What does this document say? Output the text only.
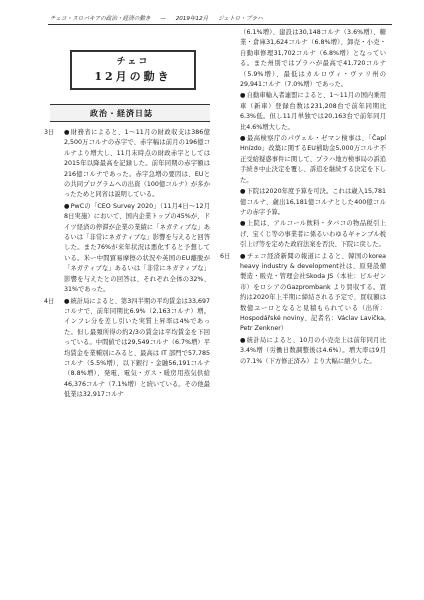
チェコ・スロバキアの政治・経済の動き — 2019年12月 ジェトロ・プラハ
チェコ
12月の動き
政治・経済日誌
3日	●財務省によると、1～11月の財政収支は386億2,500万コルナの赤字で、赤字幅は前月の196億コルナより増大し、11月末時点の財政赤字としては2015年以降最高を記録した。前年同期の赤字額は216億コルナであった。赤字急増の要因は、EUとの共同プログラムへの出資（100億コルナ）が多かったためと同省は説明している。
●PwCの「CEO Survey 2020」（11月4日～12月8日実施）において、国内企業トップの45%が、ドイツ経済の停滞が企業の業績に「ネガティブな」あるいは「非常にネガティブな」影響を与えると回答した。また76%が来年状況は悪化すると予想している。米ー中間貿易摩擦の状況や英国のEU離脱が「ネガティブな」あるいは「非常にネガティブな」影響を与えたとの回答は、それぞれ全体の32%、31%であった。
4日	●統計局によると、第3四半期の平均賃金は33,697コルナで、前年同期比6.9%（2,163コルナ）増。インフレ分を差し引いた実質上昇率は4%であった。但し最頻所得の約2/3の賃金は平均賃金を下回っている。中間値では29,549コルナ（6.7%増）平均賃金を業種別にみると、最高は IT 部門で57,785コルナ（5.5%増）、以下銀行・金融56,191コルナ（8.8%増）、発電、電気・ガス・暖房用蒸気供給46,376コルナ（7.1%増）と続いている。その他最低業は32,917コルナ
（6.1%増）、建設は30,148コルナ（3.6%増）、糖業・倉庫31,624コルナ（6.8%増）、卸売・小売・自動車修理31,702コルナ（6.8%増）となっている。また州別ではプラハが最高で41,720コルナ（5.9%増）、最低はカルロヴィ・ヴァリ州の29,941コルナ（7.0%増）であった。
●自動車輸入者連盟によると、1～11月の国内乗用車（新車）登録台数は231,208台で前年同期比6.3%低。但し11月単独では20,163台で前年同月比4.6%増大した。
●最高検察庁のパヴェル・ゼマン検事は、「Čapí Hnízdo」改築に関するEU補助金5,000万コルナ不正受給疑惑事件に関して、プラハ地方検事局の訴追手続き中止決定を覆し、訴追を継続する決定を下した。
●下院は2020年度予算を可決。これは歳入15,781億コルナ、歳出16,181億コルナとした400億コルナの赤字予算。
●上院は、アルコール飲料・タバコの物品税引上げ、宝くじ等の事業者に係るいわゆるギャンブル税引上げ等を定めた政府法案を否決、下院に戻した。
6日	●チェコ経済新聞の報道によると、韓国のkorea heavy industry & development社は、原発設備製造・販売・管理会社Skoda JS（本社：ピルゼン市）をロシアのGazprombank より買収する。買約は2020年上半期に締結される予定で、買収額は数億ユーロとなると見積もられている（出所：Hospodářské noviny、記者名：Václav Lavička, Petr Zenkner）
●統計局によると、10月の小売売上は前年同月比3.4%増（労働日数調整後は4.6%）。増大率は9月の7.1%（下方修正済み）より大幅に縮少した。
